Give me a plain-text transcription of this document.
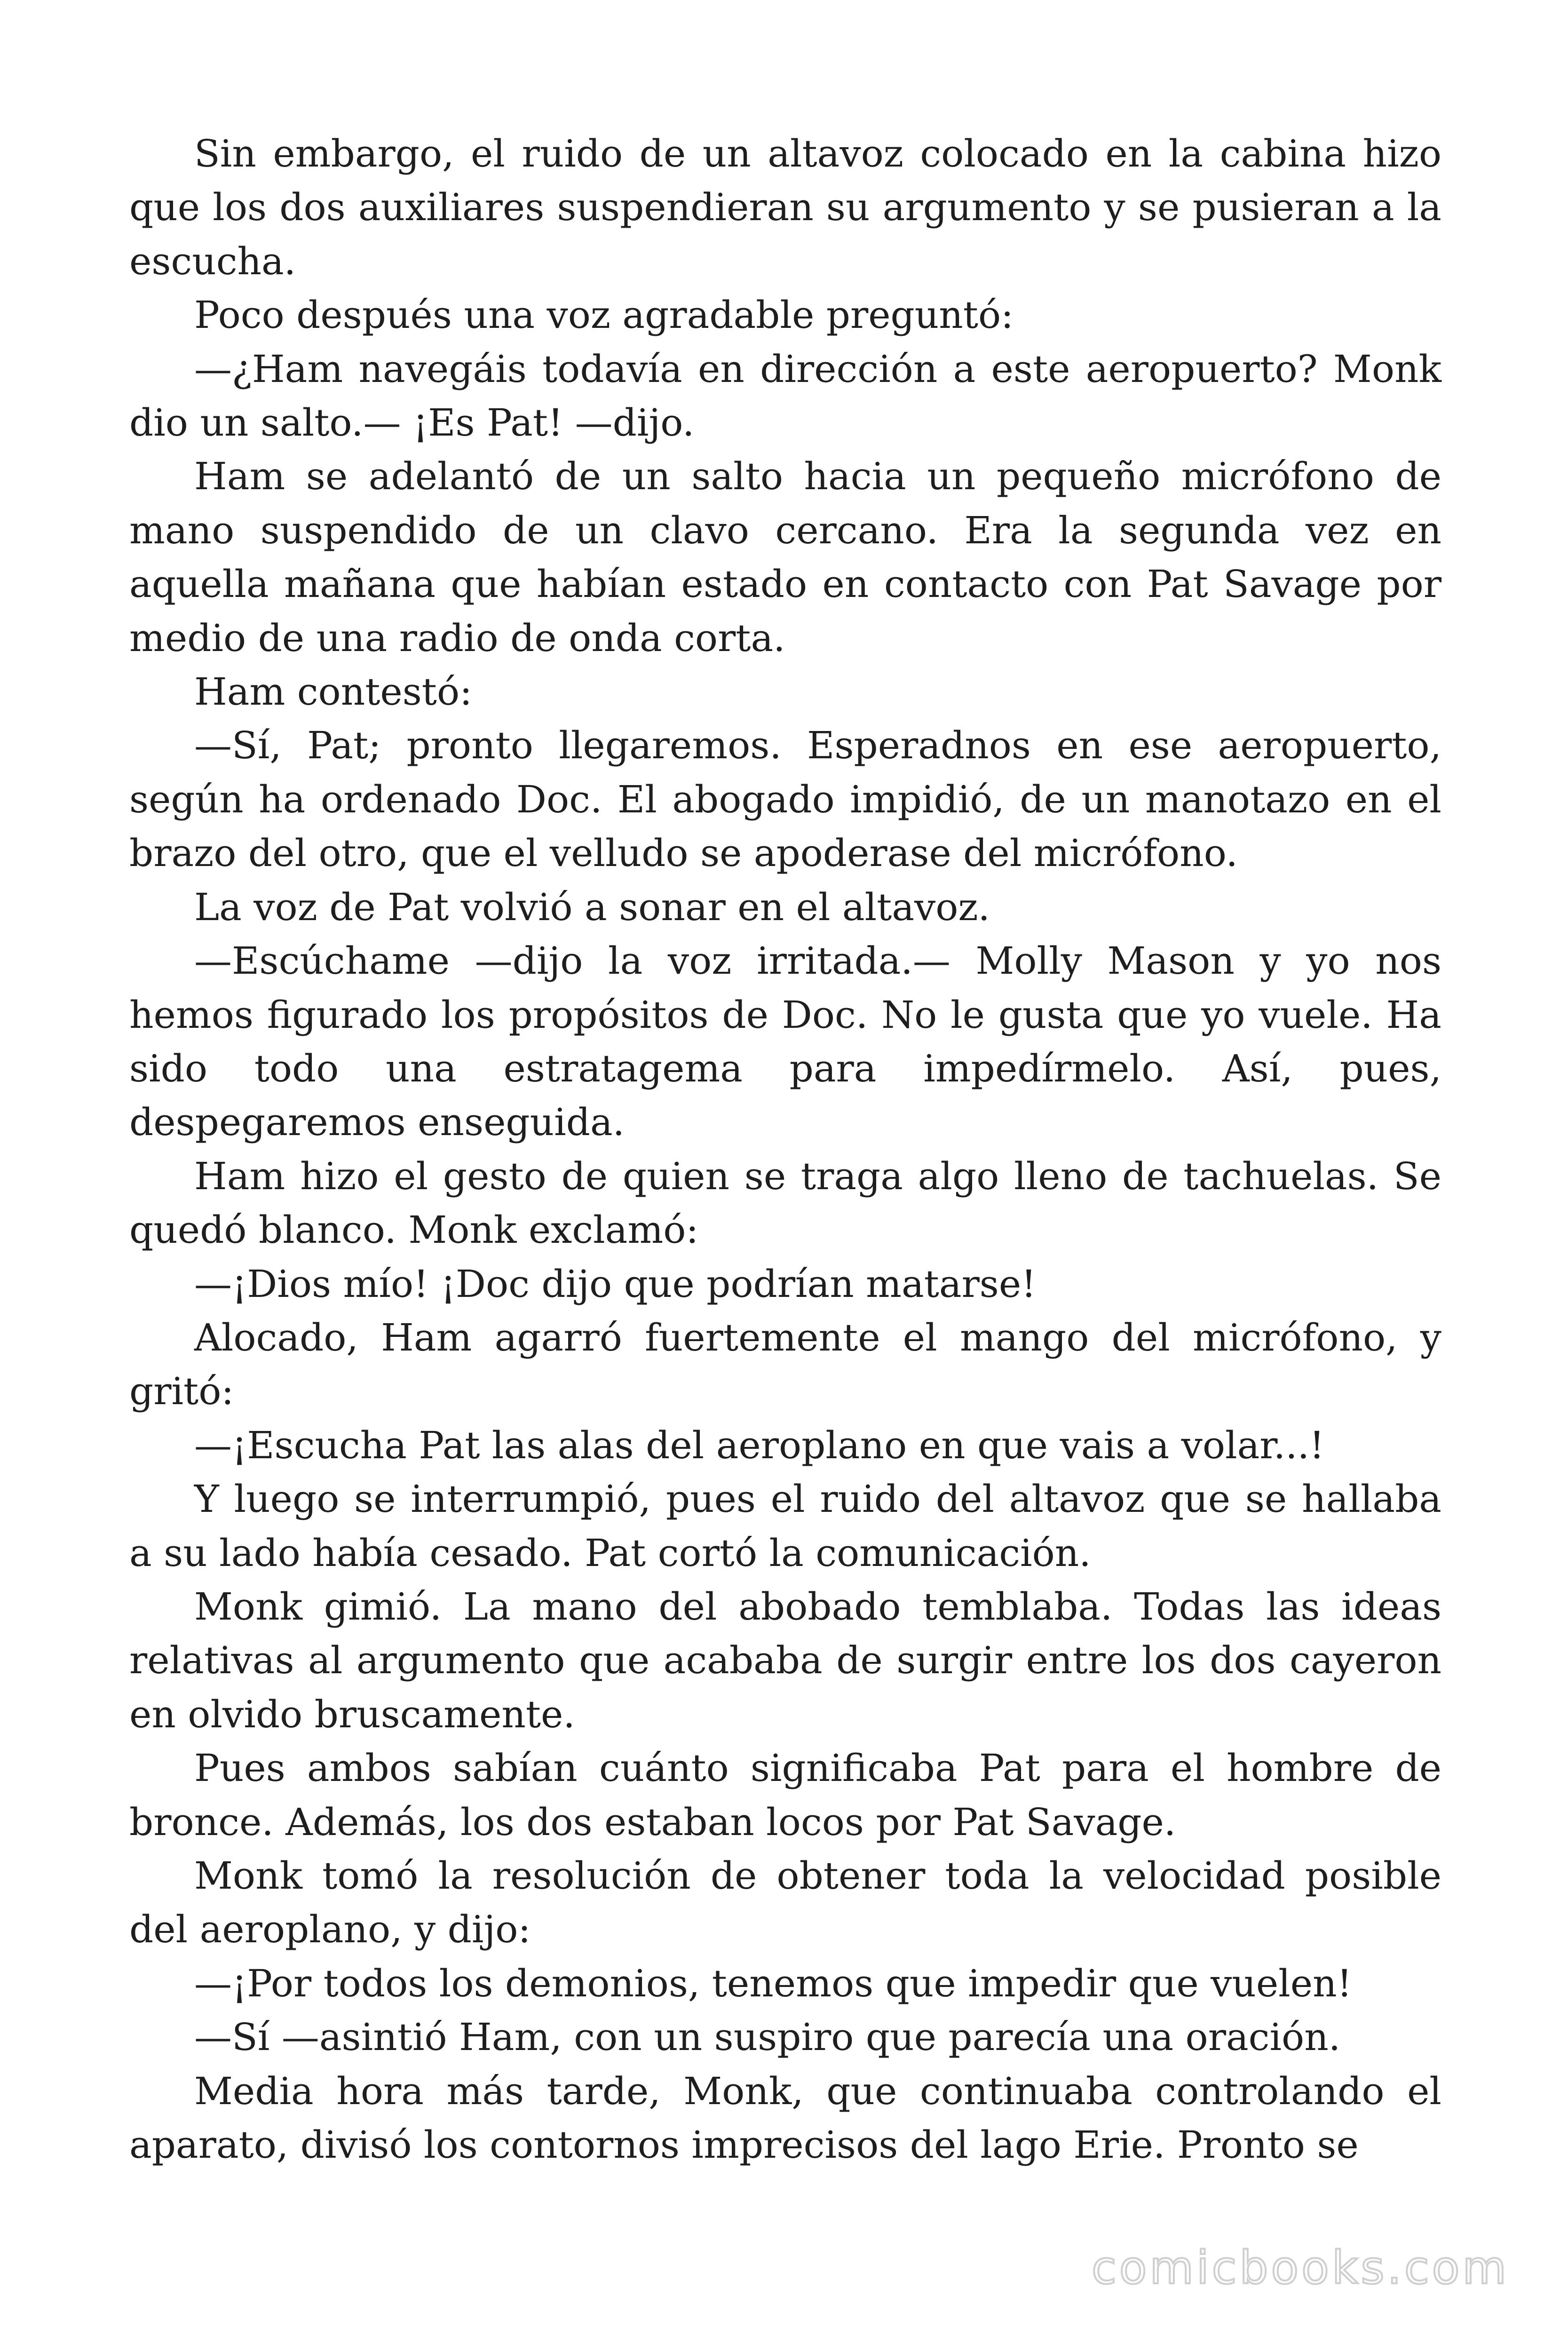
Sin embargo, el ruido de un altavoz colocado en la cabina hizo que los dos auxiliares suspendieran su argumento y se pusieran a la escucha.

Poco después una voz agradable preguntó:

—¿Ham navegáis todavía en dirección a este aeropuerto? Monk dio un salto.— ¡Es Pat! —dijo.

Ham se adelantó de un salto hacia un pequeño micrófono de mano suspendido de un clavo cercano. Era la segunda vez en aquella mañana que habían estado en contacto con Pat Savage por medio de una radio de onda corta.

Ham contestó:

—Sí, Pat; pronto llegaremos. Esperadnos en ese aeropuerto, según ha ordenado Doc. El abogado impidió, de un manotazo en el brazo del otro, que el velludo se apoderase del micrófono.

La voz de Pat volvió a sonar en el altavoz.

—Escúchame —dijo la voz irritada.— Molly Mason y yo nos hemos figurado los propósitos de Doc. No le gusta que yo vuele. Ha sido todo una estratagema para impedírmelo. Así, pues, despegaremos enseguida.

Ham hizo el gesto de quien se traga algo lleno de tachuelas. Se quedó blanco. Monk exclamó:

—¡Dios mío! ¡Doc dijo que podrían matarse!

Alocado, Ham agarró fuertemente el mango del micrófono, y gritó:

—¡Escucha Pat las alas del aeroplano en que vais a volar...!

Y luego se interrumpió, pues el ruido del altavoz que se hallaba a su lado había cesado. Pat cortó la comunicación.

Monk gimió. La mano del abobado temblaba. Todas las ideas relativas al argumento que acababa de surgir entre los dos cayeron en olvido bruscamente.

Pues ambos sabían cuánto significaba Pat para el hombre de bronce. Además, los dos estaban locos por Pat Savage.

Monk tomó la resolución de obtener toda la velocidad posible del aeroplano, y dijo:

—¡Por todos los demonios, tenemos que impedir que vuelen!

—Sí —asintió Ham, con un suspiro que parecía una oración.

Media hora más tarde, Monk, que continuaba controlando el aparato, divisó los contornos imprecisos del lago Erie. Pronto se

comicbooks.com
